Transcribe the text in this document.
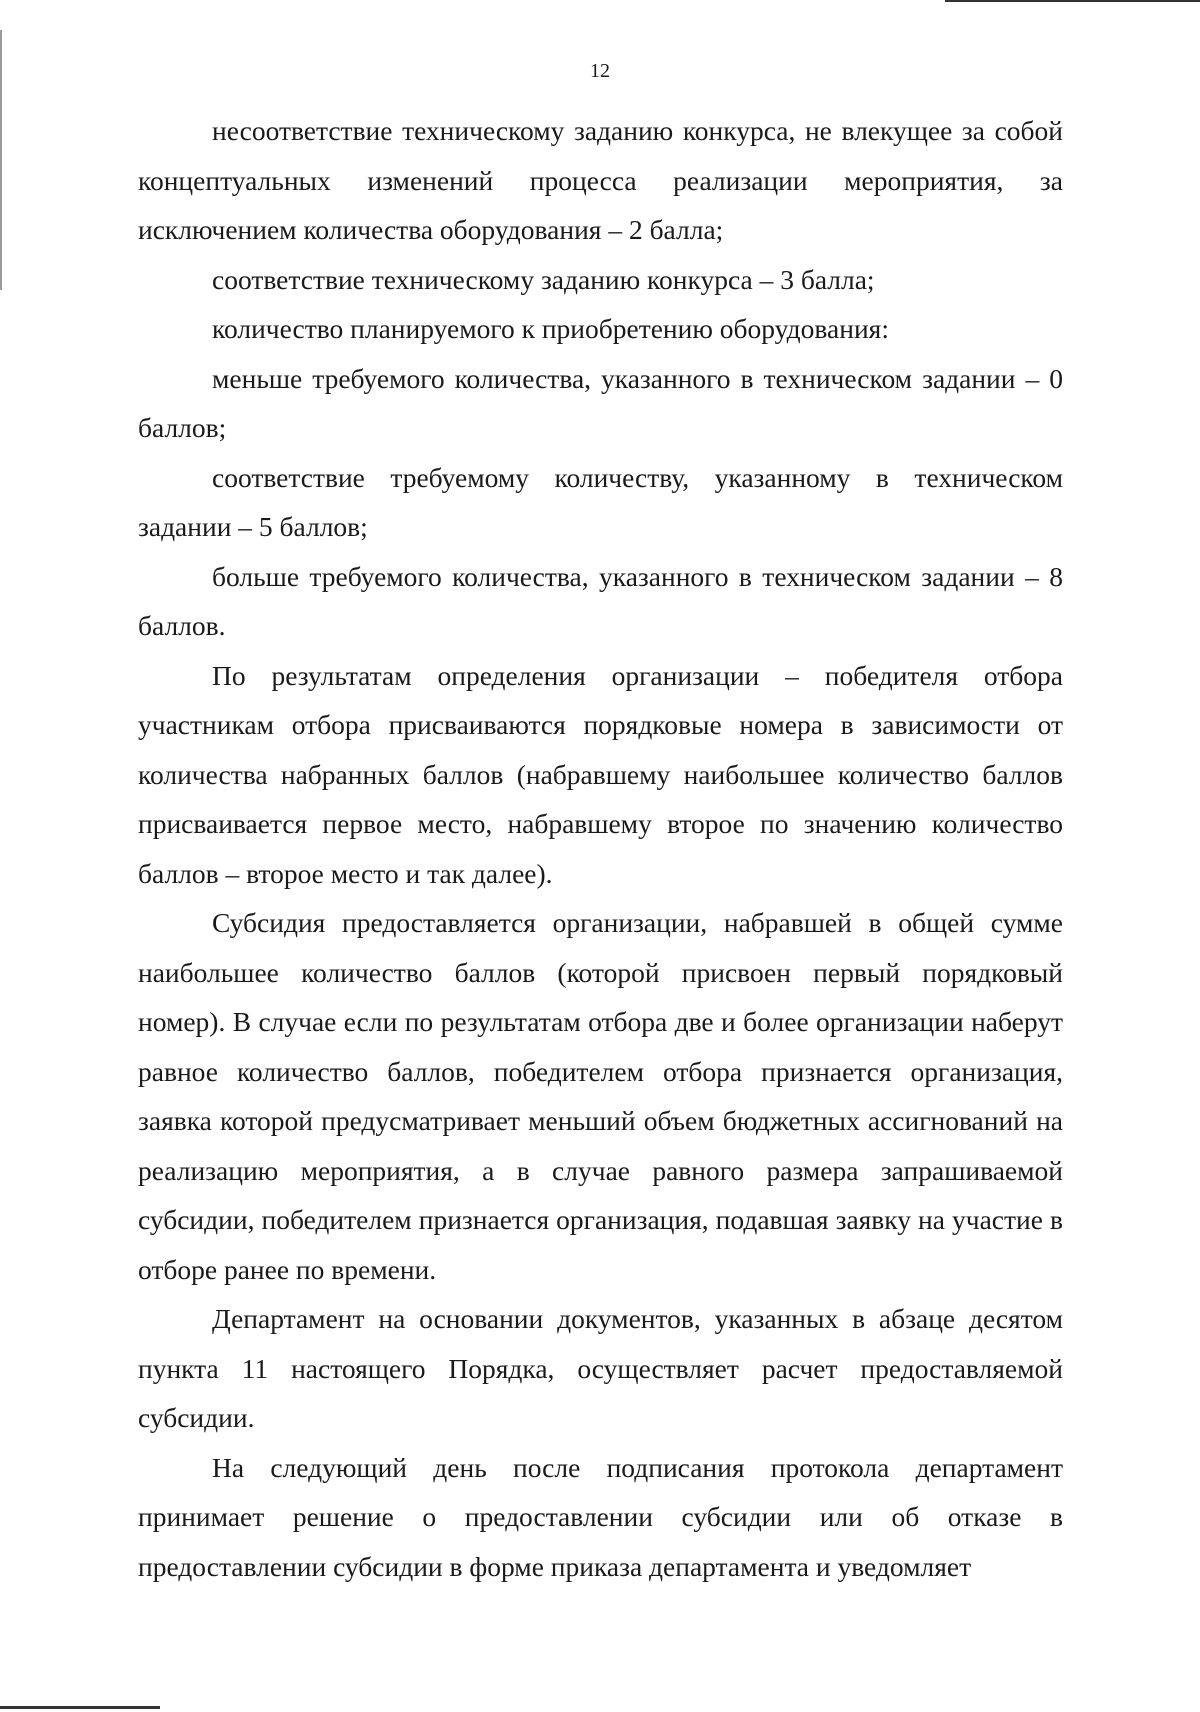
12

несоответствие техническому заданию конкурса, не влекущее за собой концептуальных изменений процесса реализации мероприятия, за исключением количества оборудования – 2 балла;

соответствие техническому заданию конкурса – 3 балла;

количество планируемого к приобретению оборудования:

меньше требуемого количества, указанного в техническом задании – 0 баллов;

соответствие требуемому количеству, указанному в техническом задании – 5 баллов;

больше требуемого количества, указанного в техническом задании – 8 баллов.

По результатам определения организации – победителя отбора участникам отбора присваиваются порядковые номера в зависимости от количества набранных баллов (набравшему наибольшее количество баллов присваивается первое место, набравшему второе по значению количество баллов – второе место и так далее).

Субсидия предоставляется организации, набравшей в общей сумме наибольшее количество баллов (которой присвоен первый порядковый номер). В случае если по результатам отбора две и более организации наберут равное количество баллов, победителем отбора признается организация, заявка которой предусматривает меньший объем бюджетных ассигнований на реализацию мероприятия, а в случае равного размера запрашиваемой субсидии, победителем признается организация, подавшая заявку на участие в отборе ранее по времени.

Департамент на основании документов, указанных в абзаце десятом пункта 11 настоящего Порядка, осуществляет расчет предоставляемой субсидии.

На следующий день после подписания протокола департамент принимает решение о предоставлении субсидии или об отказе в предоставлении субсидии в форме приказа департамента и уведомляет
